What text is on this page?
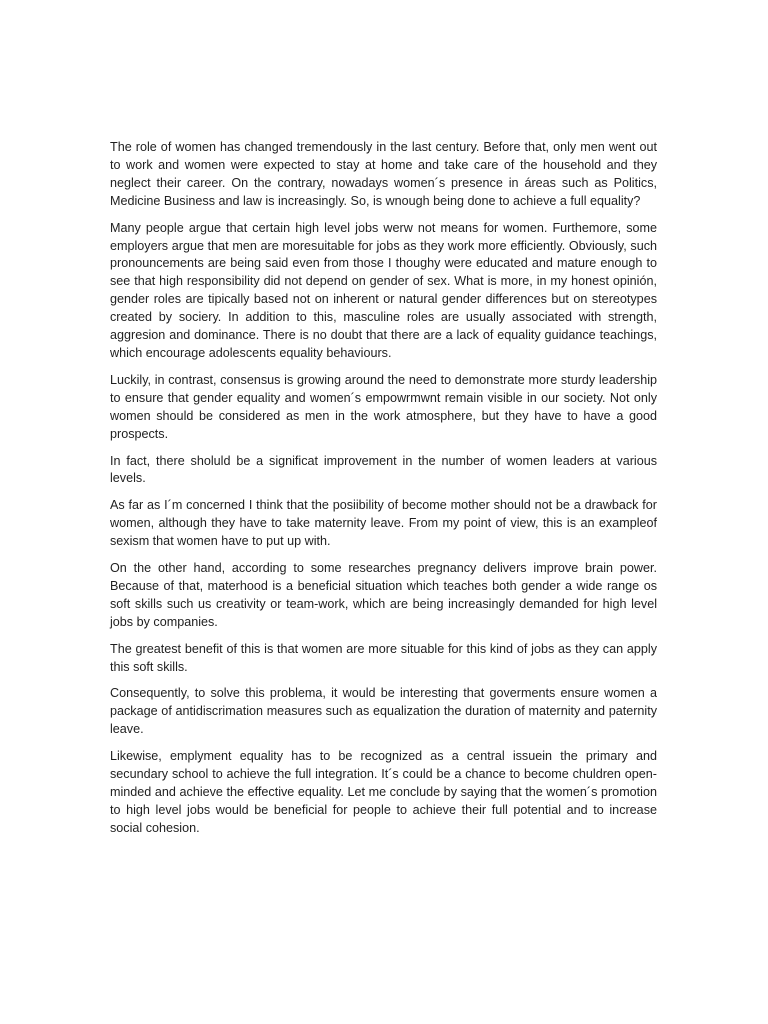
The role of women has changed tremendously in the last century. Before that, only men went out to work and women were expected to stay at home and take care of the household and they neglect their career. On the contrary, nowadays women´s presence in áreas such as Politics, Medicine Business and law is increasingly. So, is wnough being done to achieve a full equality?

Many people argue that certain high level jobs werw not means for women. Furthemore, some employers argue that men are moresuitable for jobs as they work more efficiently. Obviously, such pronouncements are being said even from those I thoughy were educated and mature enough to see that high responsibility did not depend on gender of sex. What is more, in my honest opinión, gender roles are tipically based not on inherent or natural gender differences but on stereotypes created by sociery. In addition to this, masculine roles are usually associated with strength, aggresion and dominance. There is no doubt that there are a lack of equality guidance teachings, which encourage adolescents equality behaviours.

Luckily, in contrast, consensus is growing around the need to demonstrate more sturdy leadership to ensure that gender equality and women´s empowrmwnt remain visible in our society. Not only women should be considered as men in the work atmosphere, but they have to have a good prospects.

In fact, there sholuld be a significat improvement in the number of women leaders at various levels.

As far as I´m concerned I think that the posiibility of become mother should not be a drawback for women, although they have to take maternity leave. From my point of view, this is an exampleof sexism that women have to put up with.

On the other hand, according to some researches pregnancy delivers improve brain power. Because of that, materhood is a beneficial situation which teaches both gender a wide range os soft skills such us creativity or team-work, which are being increasingly demanded for high level jobs by companies.

The greatest benefit of this is that women are more situable for this kind of jobs as they can apply this soft skills.

Consequently, to solve this problema, it would be interesting that goverments ensure women a package of antidiscrimation measures such as equalization the duration of maternity and paternity leave.

Likewise, emplyment equality has to be recognized as a central issuein the primary and secundary school to achieve the full integration. It´s could be a chance to become chuldren open-minded and achieve the effective equality. Let me conclude by saying that the women´s promotion to high level jobs would be beneficial for people to achieve their full potential and to increase social cohesion.
